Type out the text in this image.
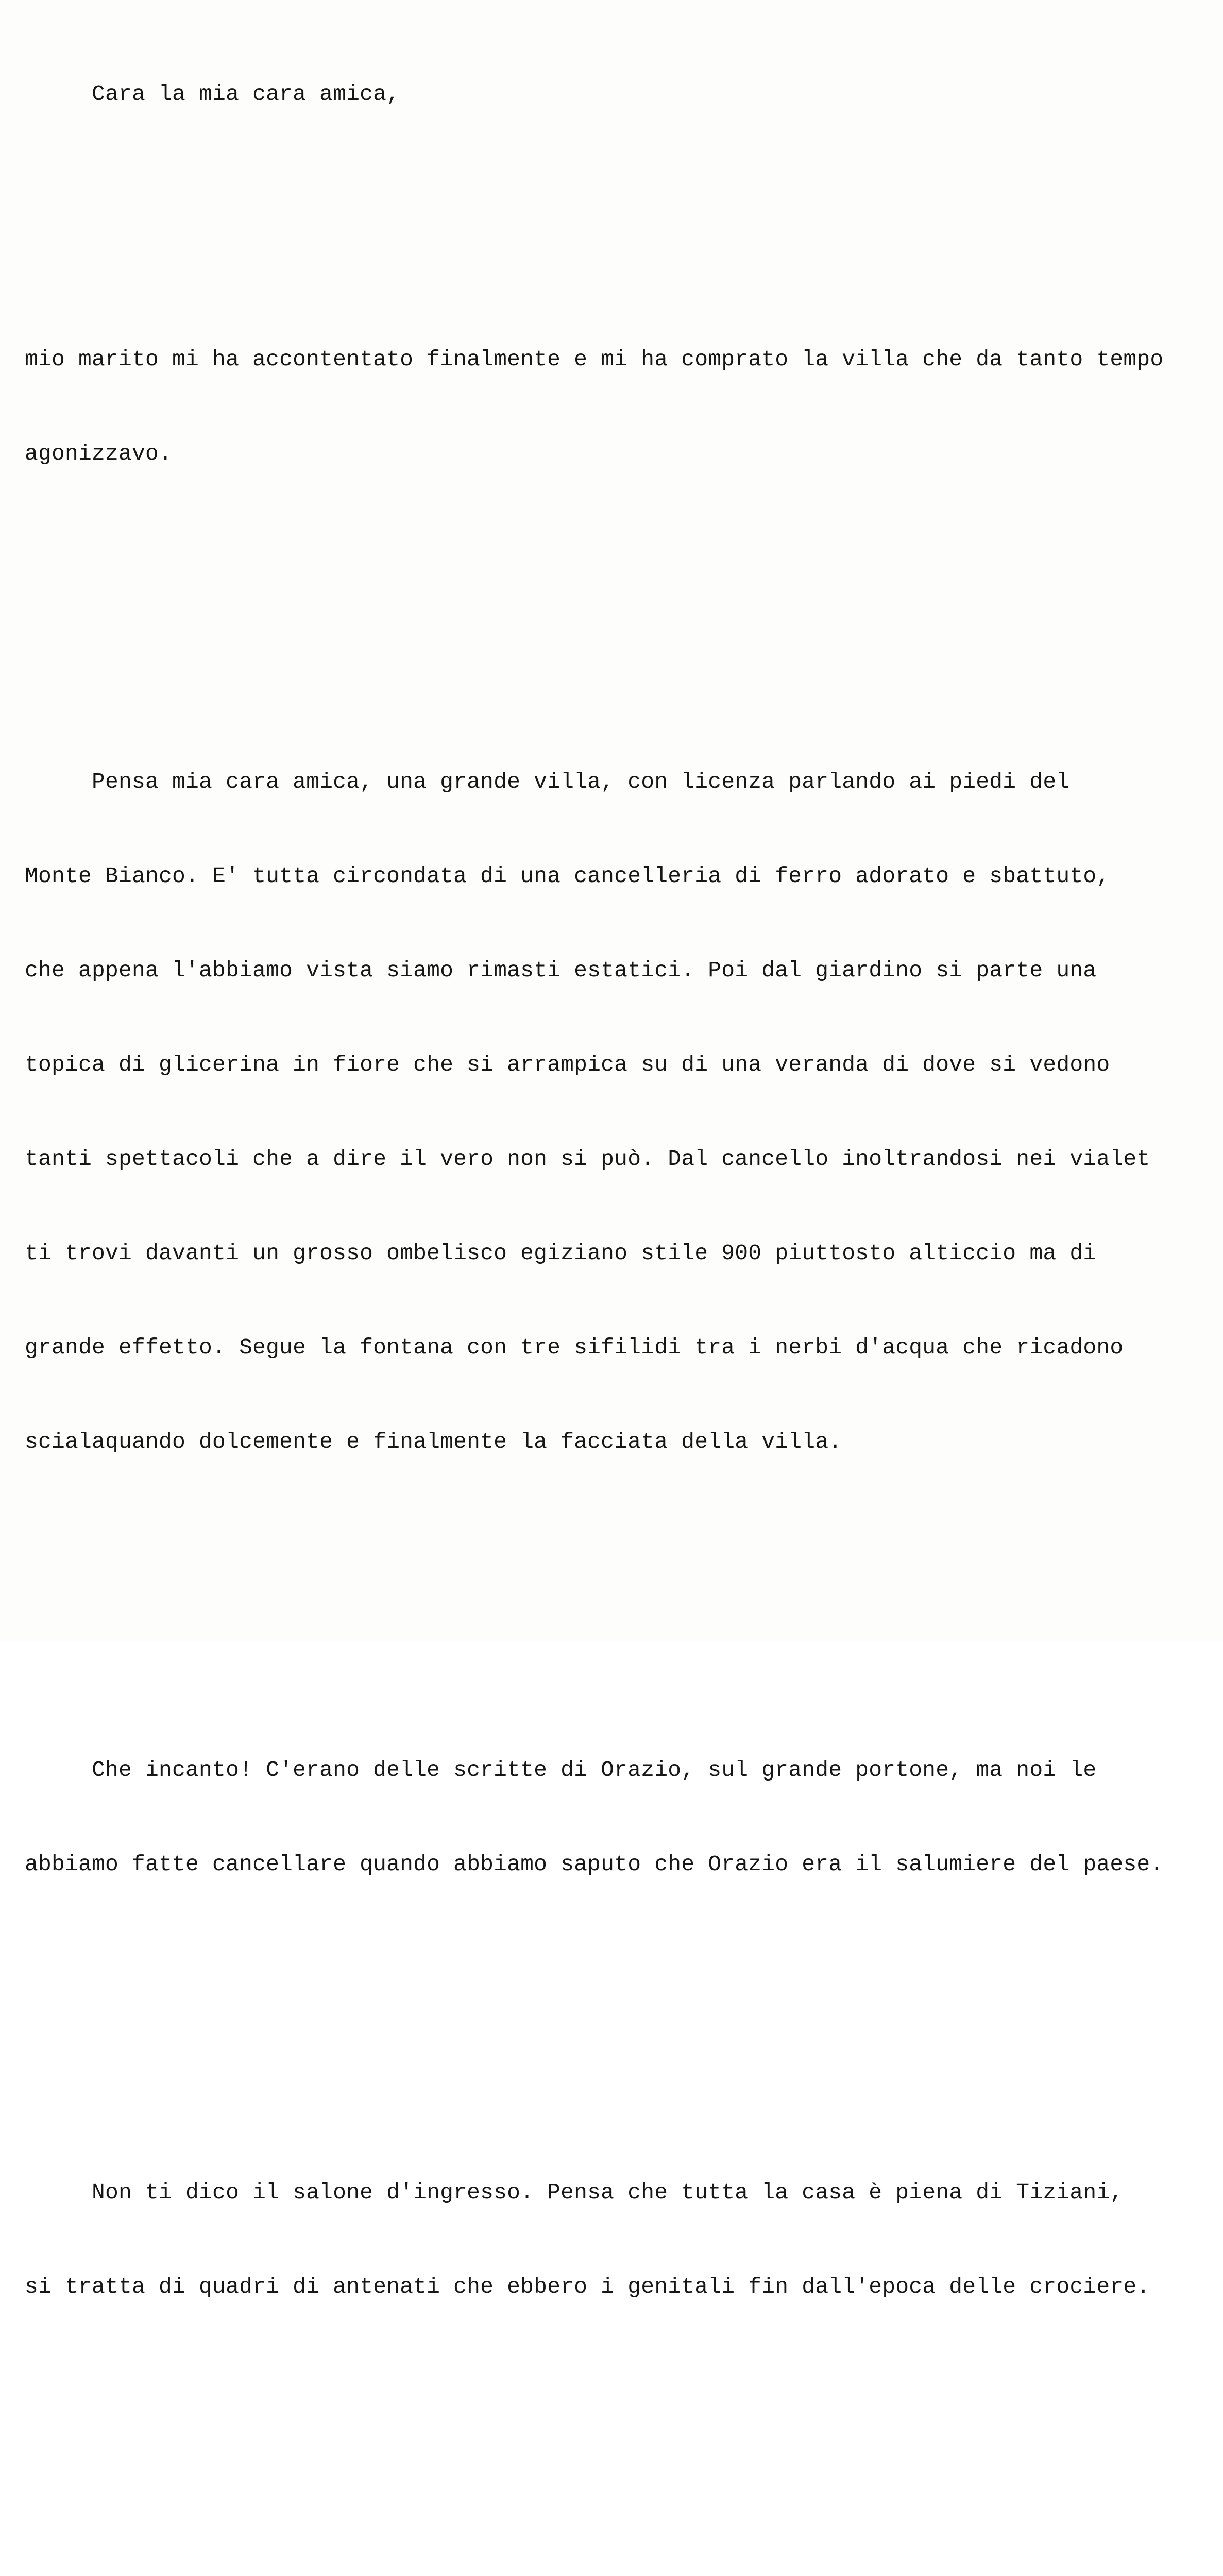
Cara la mia cara amica,

mio marito mi ha accontentato finalmente e mi ha comprato la villa che da tanto tempo

agonizzavo.

Pensa mia cara amica, una grande villa, con licenza parlando ai piedi del

Monte Bianco. E' tutta circondata di una cancelleria di ferro adorato e sbattuto,

che appena l'abbiamo vista siamo rimasti estatici. Poi dal giardino si parte una

topica di glicerina in fiore che si arrampica su di una veranda di dove si vedono

tanti spettacoli che a dire il vero non si può. Dal cancello inoltrandosi nei vialet

ti trovi davanti un grosso ombelisco egiziano stile 900 piuttosto alticcio ma di

grande effetto. Segue la fontana con tre sifilidi tra i nerbi d'acqua che ricadono

scialaquando dolcemente e finalmente la facciata della villa.

Che incanto! C'erano delle scritte di Orazio, sul grande portone, ma noi le

abbiamo fatte cancellare quando abbiamo saputo che Orazio era il salumiere del paese.

Non ti dico il salone d'ingresso. Pensa che tutta la casa è piena di Tiziani,

si tratta di quadri di antenati che ebbero i genitali fin dall'epoca delle crociere.
